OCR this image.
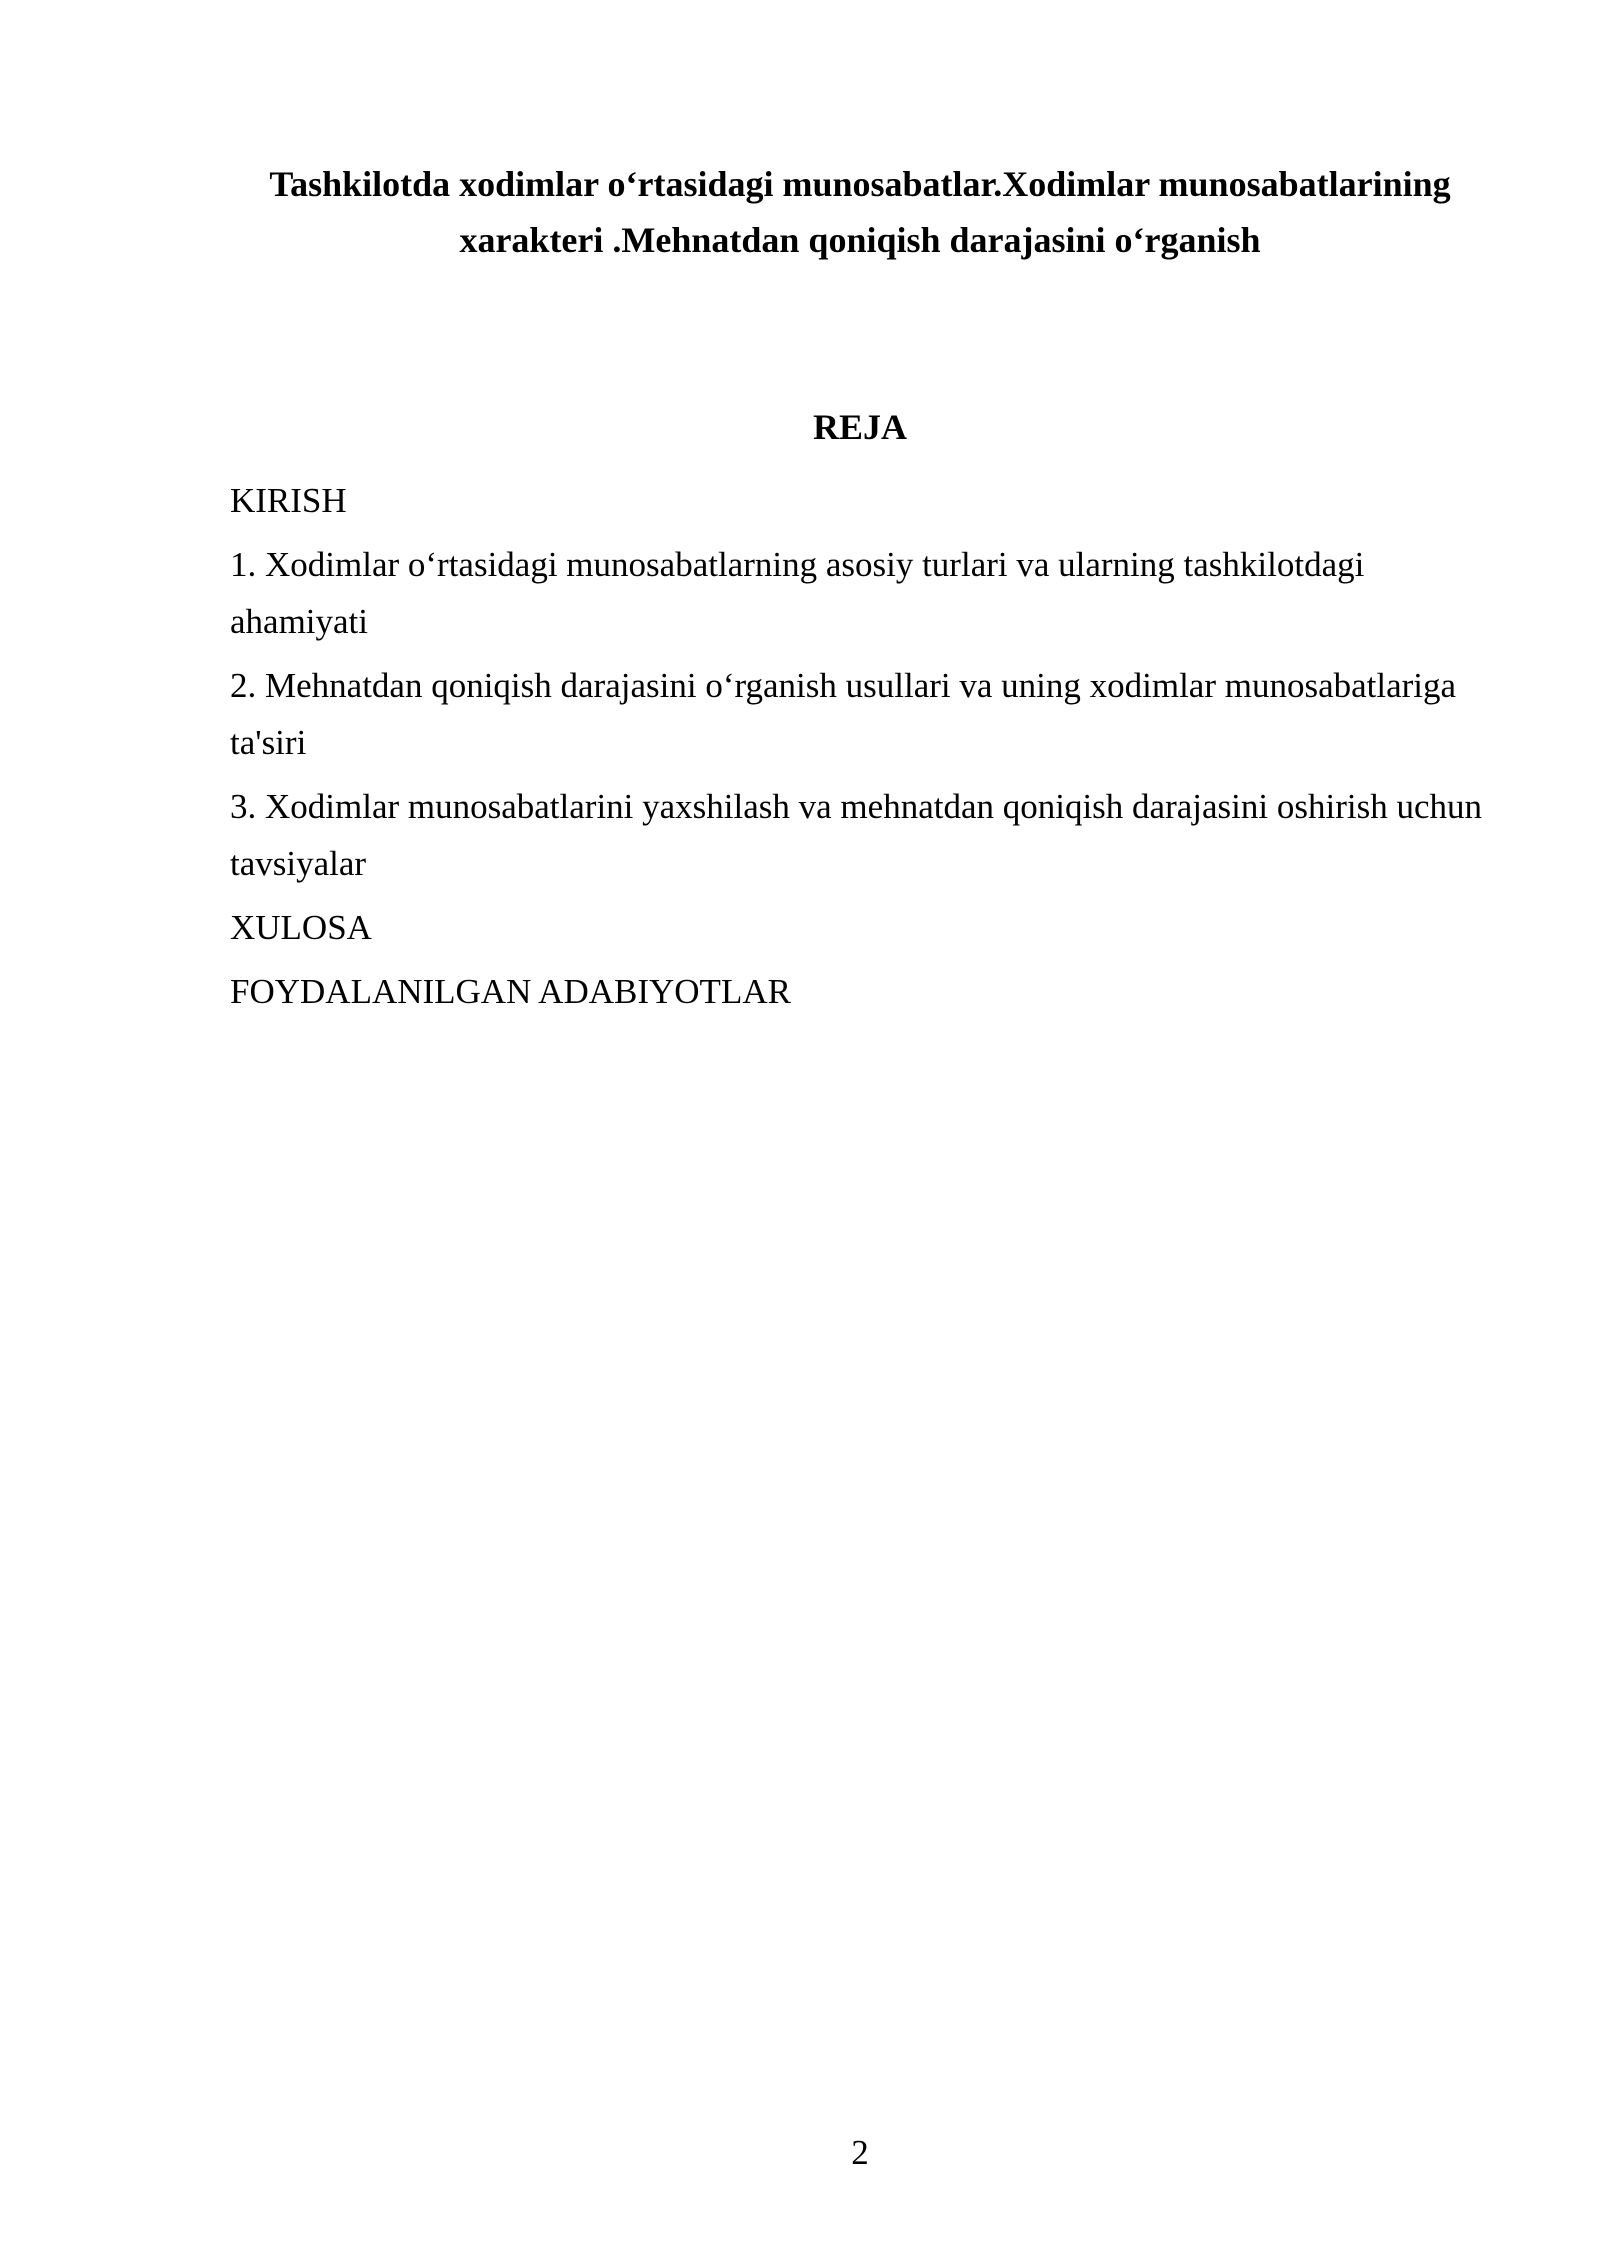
Tashkilotda xodimlar o‘rtasidagi munosabatlar.Xodimlar munosabatlarining xarakteri .Mehnatdan qoniqish darajasini o‘rganish
REJA
KIRISH
1. Xodimlar o‘rtasidagi munosabatlarning asosiy turlari va ularning tashkilotdagi ahamiyati
2. Mehnatdan qoniqish darajasini o‘rganish usullari va uning xodimlar munosabatlariga ta'siri
3. Xodimlar munosabatlarini yaxshilash va mehnatdan qoniqish darajasini oshirish uchun tavsiyalar
XULOSA
FOYDALANILGAN ADABIYOTLAR
2
